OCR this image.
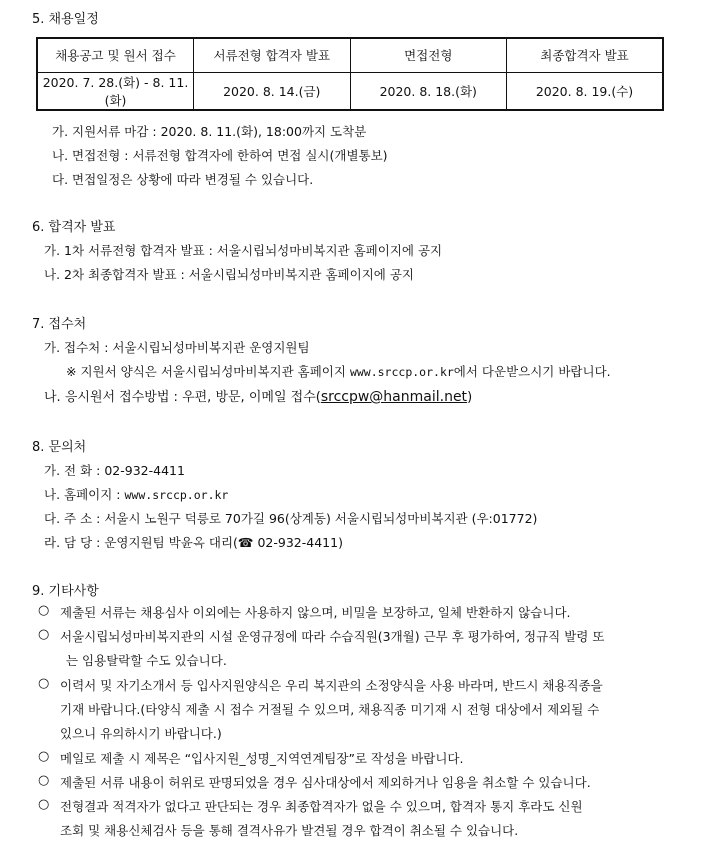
5. 채용일정
채용공고 및 원서 접수	서류전형 합격자 발표	면접전형	최종합격자 발표
2020. 7. 28.(화) - 8. 11.(화)	2020. 8. 14.(금)	2020. 8. 18.(화)	2020. 8. 19.(수)
가. 지원서류 마감 : 2020. 8. 11.(화), 18:00까지 도착분
나. 면접전형 : 서류전형 합격자에 한하여 면접 실시(개별통보)
다. 면접일정은 상황에 따라 변경될 수 있습니다.
6. 합격자 발표
가. 1차 서류전형 합격자 발표 : 서울시립뇌성마비복지관 홈페이지에 공지
나. 2차 최종합격자 발표 : 서울시립뇌성마비복지관 홈페이지에 공지
7. 접수처
가. 접수처 : 서울시립뇌성마비복지관 운영지원팀
※ 지원서 양식은 서울시립뇌성마비복지관 홈페이지 www.srccp.or.kr에서 다운받으시기 바랍니다.
나. 응시원서 접수방법 : 우편, 방문, 이메일 접수(srccpw@hanmail.net)
8. 문의처
가. 전 화 : 02-932-4411
나. 홈페이지 : www.srccp.or.kr
다. 주 소 : 서울시 노원구 덕릉로 70가길 96(상계동) 서울시립뇌성마비복지관 (우:01772)
라. 담 당 : 운영지원팀 박윤옥 대리(☎ 02-932-4411)
9. 기타사항
○ 제출된 서류는 채용심사 이외에는 사용하지 않으며, 비밀을 보장하고, 일체 반환하지 않습니다.
○ 서울시립뇌성마비복지관의 시설 운영규정에 따라 수습직원(3개월) 근무 후 평가하여, 정규직 발령 또
는 임용탈락할 수도 있습니다.
○ 이력서 및 자기소개서 등 입사지원양식은 우리 복지관의 소정양식을 사용 바라며, 반드시 채용직종을
기재 바랍니다.(타양식 제출 시 접수 거절될 수 있으며, 채용직종 미기재 시 전형 대상에서 제외될 수
있으니 유의하시기 바랍니다.)
○ 메일로 제출 시 제목은 “입사지원_성명_지역연계팀장”로 작성을 바랍니다.
○ 제출된 서류 내용이 허위로 판명되었을 경우 심사대상에서 제외하거나 임용을 취소할 수 있습니다.
○ 전형결과 적격자가 없다고 판단되는 경우 최종합격자가 없을 수 있으며, 합격자 통지 후라도 신원
조회 및 채용신체검사 등을 통해 결격사유가 발견될 경우 합격이 취소될 수 있습니다.
